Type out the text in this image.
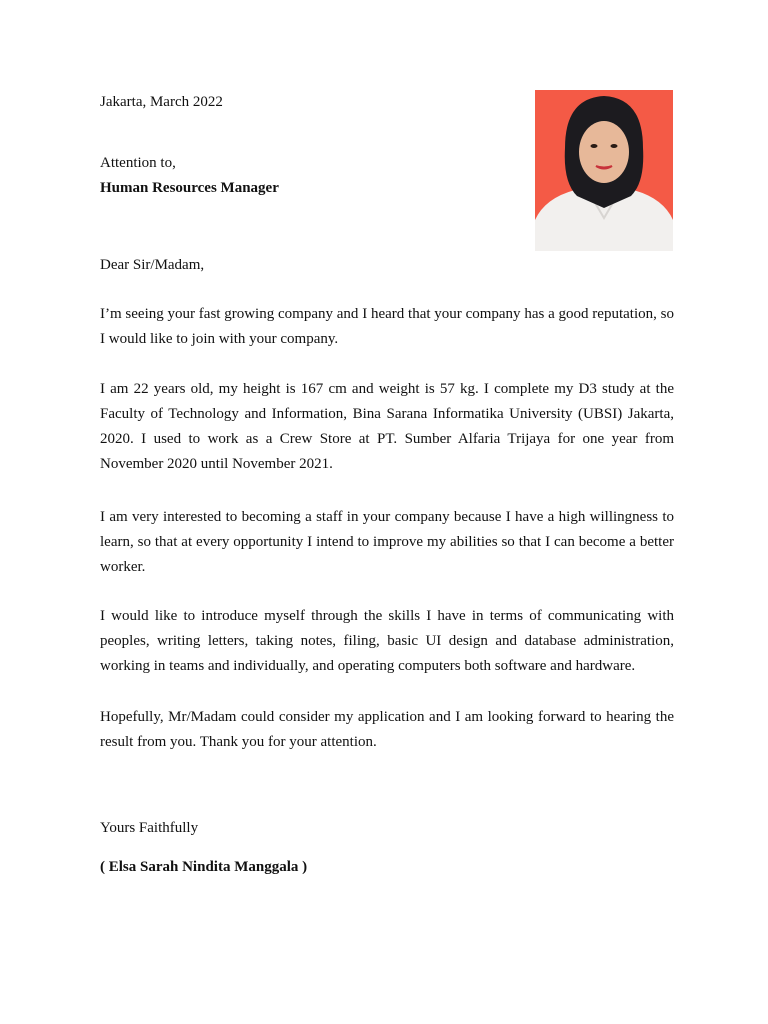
Jakarta, March 2022

Attention to,

Human Resources Manager

Dear Sir/Madam,

I’m seeing your fast growing company and I heard that your company has a good reputation, so I would like to join with your company.

I am 22 years old, my height is 167 cm and weight is 57 kg. I complete my D3 study at the Faculty of Technology and Information, Bina Sarana Informatika University (UBSI) Jakarta, 2020. I used to work as a Crew Store at PT. Sumber Alfaria Trijaya for one year from November 2020 until November 2021.

I am very interested to becoming a staff in your company because I have a high willingness to learn, so that at every opportunity I intend to improve my abilities so that I can become a better worker.

I would like to introduce myself through the skills I have in terms of communicating with peoples, writing letters, taking notes, filing, basic UI design and database administration, working in teams and individually, and operating computers both software and hardware.

Hopefully, Mr/Madam could consider my application and I am looking forward to hearing the result from you. Thank you for your attention.

Yours Faithfully

( Elsa Sarah Nindita Manggala )
